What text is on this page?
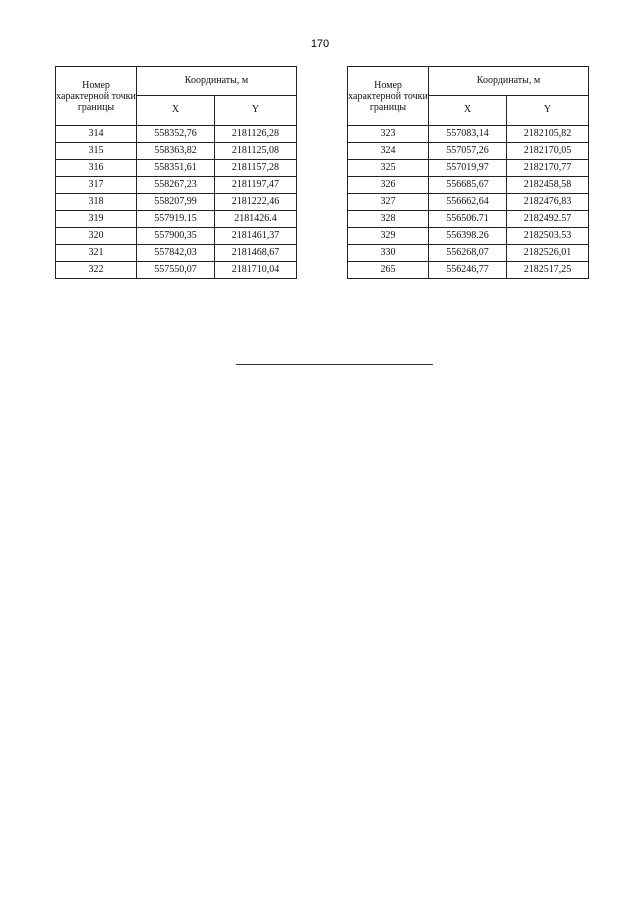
170
Номер характерной точки границы	Координаты, м	
	X	Y
314	558352,76	2181126,28
315	558363,82	2181125,08
316	558351,61	2181157,28
317	558267,23	2181197,47
318	558207,99	2181222,46
319	557919.15	2181426.4
320	557900,35	2181461,37
321	557842,03	2181468,67
322	557550,07	2181710,04
Номер характерной точки границы	Координаты, м	
	X	Y
323	557083,14	2182105,82
324	557057,26	2182170,05
325	557019,97	2182170,77
326	556685,67	2182458,58
327	556662,64	2182476,83
328	556506.71	2182492.57
329	556398.26	2182503.53
330	556268,07	2182526,01
265	556246,77	2182517,25
